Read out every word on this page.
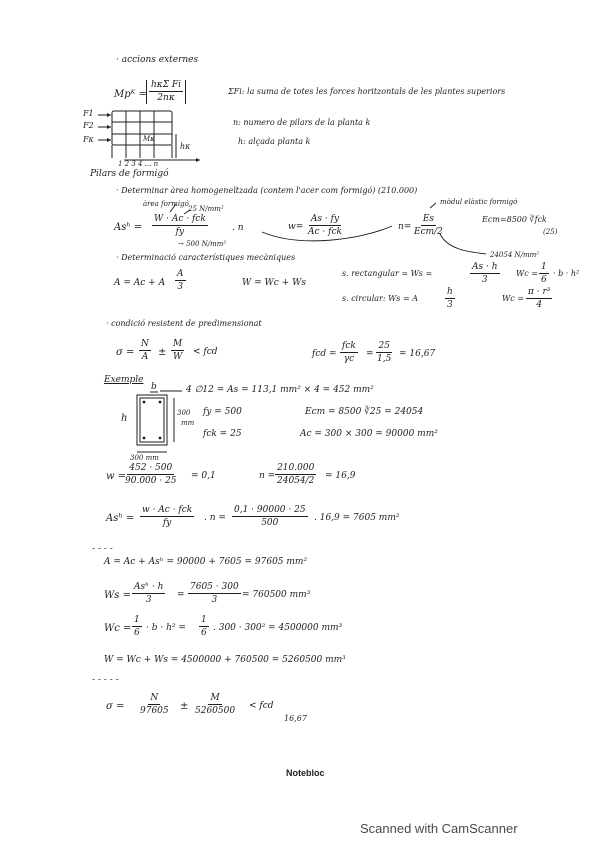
· accions externes
Mpᴷ =
hκΣ Fi
2nκ
ΣFi: la suma de totes les forces horitzontals de les plantes superiors
n: numero de pilars de la planta k
h: alçada planta k
F1
F2
Fκ	Mκ
hκ
1 2 3 4 ... n
Pilars de formigó
· Determinar àrea homogeneïtzada (contem l'acer com formigó) (210.000)
àrea formigó
25 N/mm²
mòdul elàstic formigó
Asʰ =
W · Ac · fck
fy	. n
→ 500 N/mm²
w=
As · fy
Ac · fck
n=
Es
Ecm/2
Ecm=8500 ∛fck
(25)
24054 N/mm²
· Determinació característiques mecàniques
A = Ac + A $\frac{A}{3}$	W = Wc + Ws
s. rectangular = Ws =	$\frac{As \cdot h}{3}$ $Wc = \frac{1}{6} \cdot b \cdot h^2$
s. circular: Ws = A	$\frac{h}{3}$	$Wc = \frac{\text{π · r³}}{4}$
· condició resistent de predimensionat
$\sigma = \frac{N}{A} \pm \frac{M}{W}$ < fcd	fcd =
fck
γc
= $\frac{25}{1,5} = 16,67$
Exemple
4 ∅12 = As = 113,1 mm² × 4 = 452 mm²
b
h	300
mm
fy = 500
fck = 25
Ecm = 8500 ∛25 = 24054
Ac = 300 × 300 = 90000 mm²
300 mm
w =
$\frac{452 \cdot 500}{90.000 \cdot 25} = 0,1$	$n = \frac{210.000}{24054/2} = 16,9$
Asʰ =
w · Ac · fck
fy
. $n = \frac{0,1 \cdot 90000 \cdot 25}{500}$ . 16,9 = 7605 mm²
- - - -
A = Ac + Asʰ = 90000 + 7605 = 97605 mm²
Ws =
Asʰ · h
3
= $\frac{7605 \cdot 300}{3} = 760500$ mm³
$Wc = \frac{1}{6} \cdot b \cdot h^2 = \frac{1}{6}$ . 300 · 300² = 4500000 mm³
W = Wc + Ws = 4500000 + 760500 = 5260500 mm³
- - - - -
$\sigma = \frac{N}{97605} \pm \frac{M}{5260500}$ < fcd
16,67
Notebloc
Scanned with CamScanner
